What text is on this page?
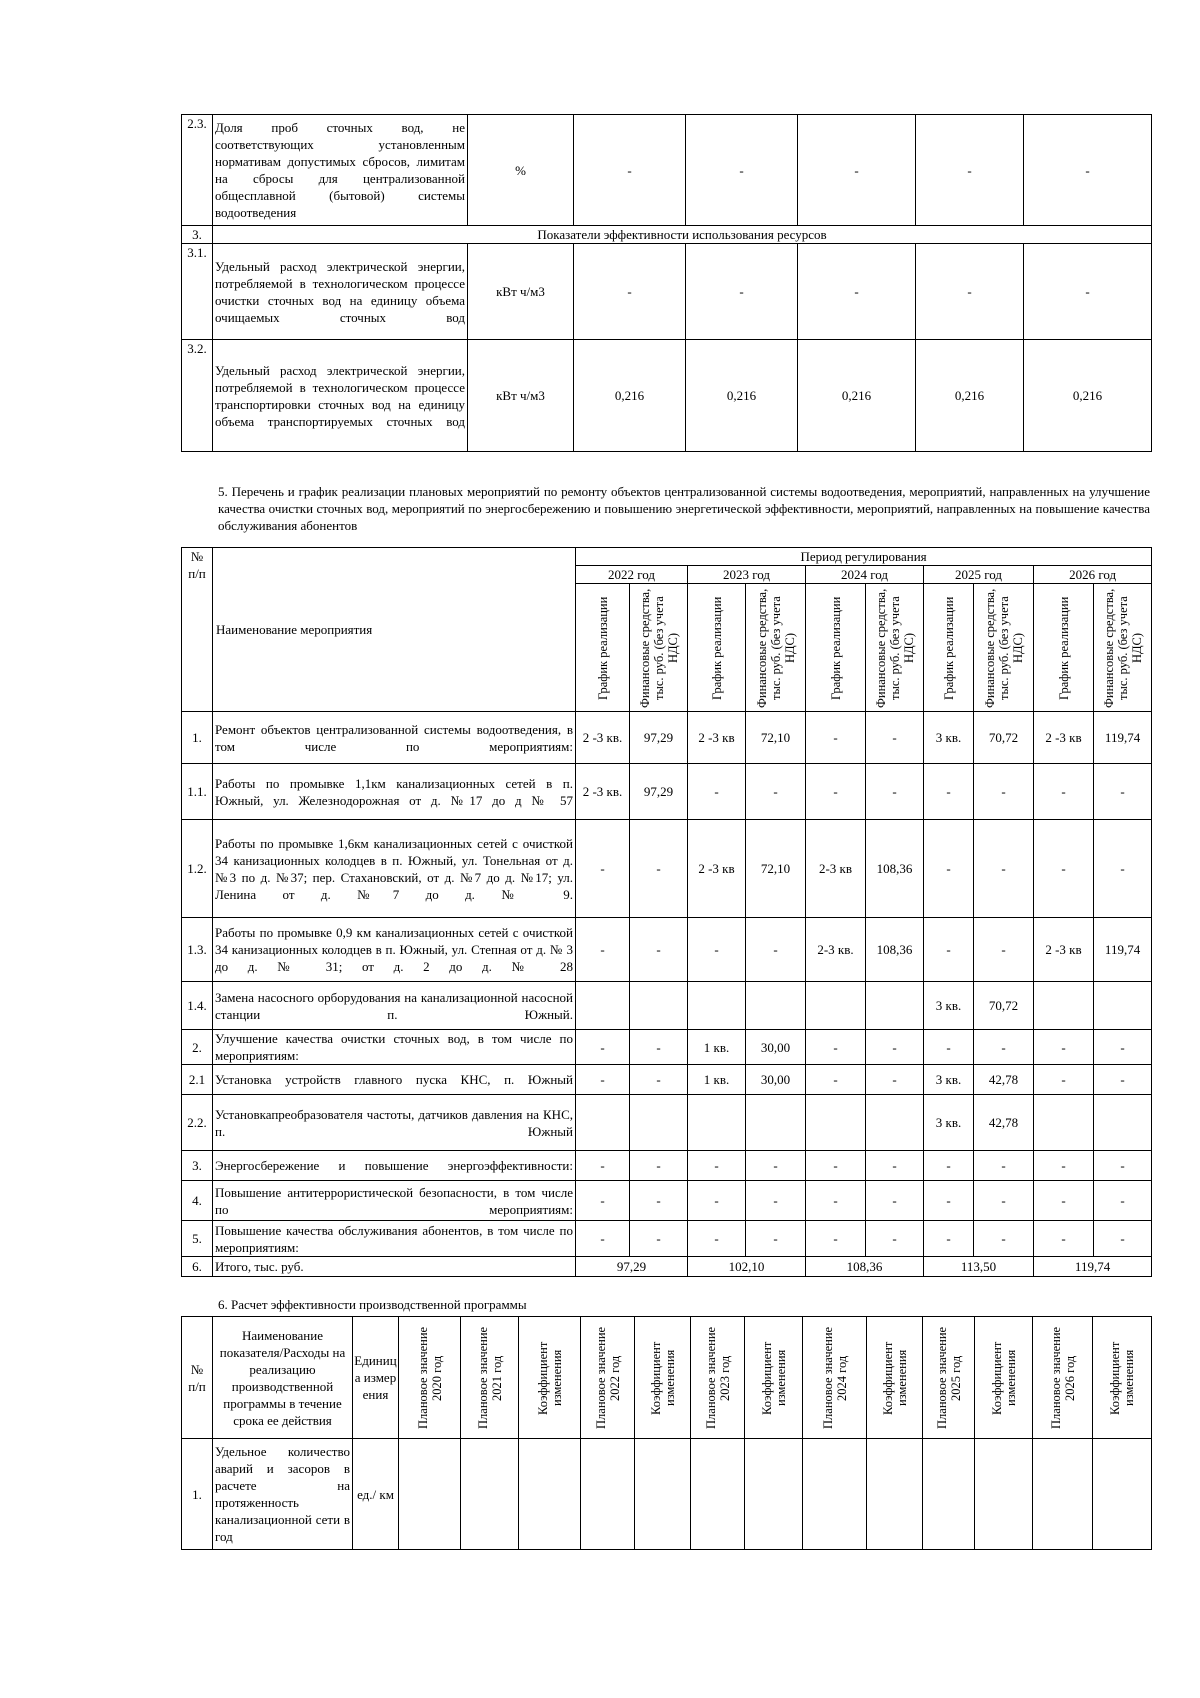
2.3.	Доля проб сточных вод, не соответствующих установленным нормативам допустимых сбросов, лимитам на сбросы для централизованной общесплавной (бытовой) системы водоотведения	%	-	-	-	-	-
3.	Показатели эффективности использования ресурсов						
3.1.	Удельный расход электрической энергии, потребляемой в технологическом процессе очистки сточных вод на единицу объема очищаемых сточных вод	кВт ч/м3	-	-	-	-	-
3.2.	Удельный расход электрической энергии, потребляемой в технологическом процессе транспортировки сточных вод на единицу объема транспортируемых сточных вод	кВт ч/м3	0,216	0,216	0,216	0,216	0,216
5. Перечень и график реализации плановых мероприятий по ремонту объектов централизованной системы водоотведения, мероприятий, направленных на улучшение качества очистки сточных вод, мероприятий по энергосбережению и повышению энергетической эффективности, мероприятий, направленных на повышение качества обслуживания абонентов
№ п/п	Наименование мероприятия	Период регулирования									
		2022 год		2023 год		2024 год		2025 год		2026 год	

		График реализации	Финансовые средства, тыс. руб. (без учета НДС)	График реализации	Финансовые средства, тыс. руб. (без учета НДС)	График реализации	Финансовые средства, тыс. руб. (без учета НДС)	График реализации	Финансовые средства, тыс. руб. (без учета НДС)	График реализации	Финансовые средства, тыс. руб. (без учета НДС)

1.	Ремонт объектов централизованной системы водоотведения, в том числе по мероприятиям:	2 -3 кв.	97,29	2 -3 кв	72,10	-	-	3 кв.	70,72	2 -3 кв	119,74
1.1.	Работы по промывке 1,1км канализационных сетей в п. Южный, ул. Железнодорожная от д. №17 до д № 57	2 -3 кв.	97,29	-	-	-	-	-	-	-	-
1.2.	Работы по промывке 1,6км канализационных сетей с очисткой 34 канизационных колодцев в п. Южный, ул. Тонельная от д. №3 по д. №37; пер. Стахановский, от д. №7 до д. №17; ул. Ленина от д. №7 до д. № 9.	-	-	2 -3 кв	72,10	2-3 кв	108,36	-	-	-	-
1.3.	Работы по промывке 0,9 км канализационных сетей с очисткой 34 канизационных колодцев в п. Южный, ул. Степная от д. № 3 до д. № 31; от д. 2 до д. № 28	-	-	-	-	2-3 кв.	108,36	-	-	2 -3 кв	119,74
1.4.	Замена насосного орборудования на канализационной насосной станции п. Южный.							3 кв.	70,72		
2.	Улучшение качества очистки сточных вод, в том числе по мероприятиям:	-	-	1 кв.	30,00	-	-	-	-	-	-
2.1	Установка устройств главного пуска КНС, п. Южный	-	-	1 кв.	30,00	-	-	3 кв.	42,78	-	-
2.2.	Установкапреобразователя частоты, датчиков давления на КНС, п. Южный							3 кв.	42,78		
3.	Энергосбережение и повышение энергоэффективности:	-	-	-	-	-	-	-	-	-	-
4.	Повышение антитеррористической безопасности, в том числе по мероприятиям:	-	-	-	-	-	-	-	-	-	-
5.	Повышение качества обслуживания абонентов, в том числе по мероприятиям:	-	-	-	-	-	-	-	-	-	-
6.	Итого, тыс. руб.	97,29		102,10		108,36		113,50		119,74	
6. Расчет эффективности производственной программы
№ п/п	Наименование показателя/Расходы на реализацию производственной программы в течение срока ее действия	Единица измерения	Плановое значение 2020 год	Плановое значение 2021 год	Коэффициент изменения	Плановое значение 2022 год	Коэффициент изменения	Плановое значение 2023 год	Коэффициент изменения	Плановое значение 2024 год	Коэффициент изменения	Плановое значение 2025 год	Коэффициент изменения	Плановое значение 2026 год	Коэффициент изменения

1.	Удельное количество аварий и засоров в расчете на протяженность канализационной сети в год	ед./ км													
